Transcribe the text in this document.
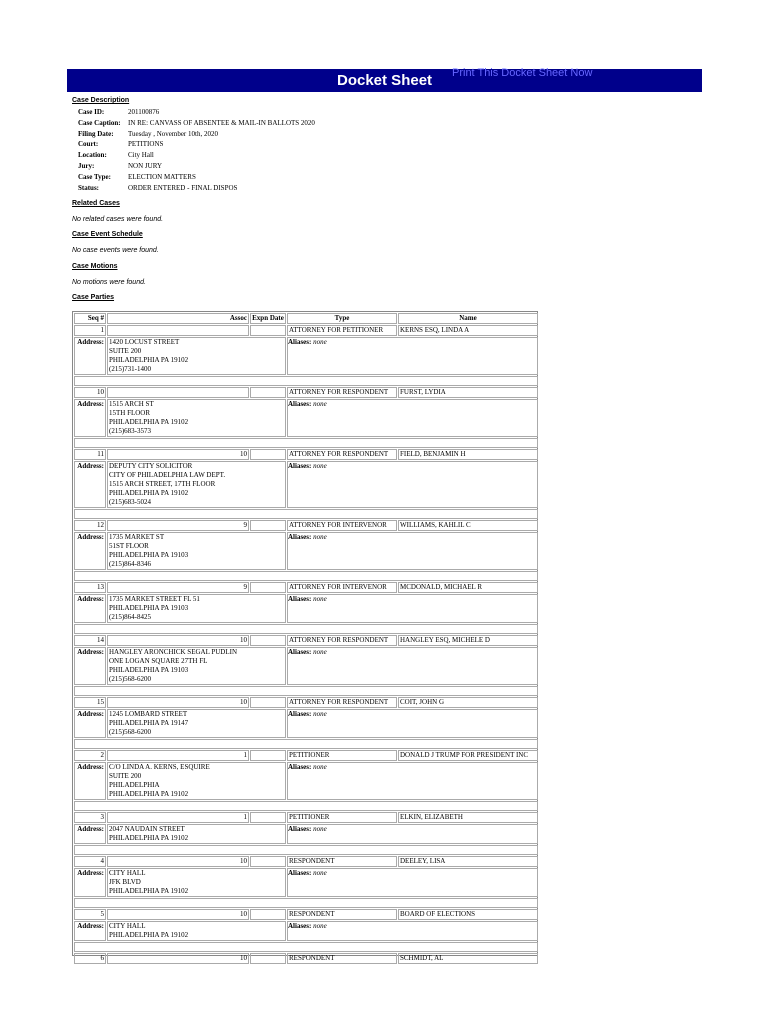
Docket Sheet Print This Docket Sheet Now
Case Description
Case ID:	201100876
Case Caption: IN RE: CANVASS OF ABSENTEE & MAIL-IN BALLOTS 2020
Filing Date: Tuesday , November 10th, 2020
Court:	PETITIONS
Location:	City Hall
Jury:	NON JURY
Case Type: ELECTION MATTERS
Status:	ORDER ENTERED - FINAL DISPOS
Related Cases
No related cases were found.
Case Event Schedule
No case events were found.
Case Motions
No motions were found.
Case Parties
Seq #	Assoc	Expn Date	Type	Name
1			ATTORNEY FOR PETITIONER	KERNS ESQ, LINDA A
Address:	1420 LOCUST STREET
SUITE 200
PHILADELPHIA PA 19102
(215)731-1400		Aliases: none	

10			ATTORNEY FOR RESPONDENT	FURST, LYDIA
Address:	1515 ARCH ST
15TH FLOOR
PHILADELPHIA PA 19102
(215)683-3573		Aliases: none	

11	10		ATTORNEY FOR RESPONDENT	FIELD, BENJAMIN H
Address:	DEPUTY CITY SOLICITOR
CITY OF PHILADELPHIA LAW DEPT.
1515 ARCH STREET, 17TH FLOOR
PHILADELPHIA PA 19102
(215)683-5024		Aliases: none	

12	9		ATTORNEY FOR INTERVENOR	WILLIAMS, KAHLIL C
Address:	1735 MARKET ST
51ST FLOOR
PHILADELPHIA PA 19103
(215)864-8346		Aliases: none	

13	9		ATTORNEY FOR INTERVENOR	MCDONALD, MICHAEL R
Address:	1735 MARKET STREET FL 51
PHILADELPHIA PA 19103
(215)864-8425		Aliases: none	

14	10		ATTORNEY FOR RESPONDENT	HANGLEY ESQ, MICHELE D
Address:	HANGLEY ARONCHICK SEGAL PUDLIN
ONE LOGAN SQUARE 27TH FL
PHILADELPHIA PA 19103
(215)568-6200		Aliases: none	

15	10		ATTORNEY FOR RESPONDENT	COIT, JOHN G
Address:	1245 LOMBARD STREET
PHILADELPHIA PA 19147
(215)568-6200		Aliases: none	

2	1		PETITIONER	DONALD J TRUMP FOR PRESIDENT INC
Address:	C/O LINDA A. KERNS, ESQUIRE
SUITE 200
PHILADELPHIA
PHILADELPHIA PA 19102		Aliases: none	

3	1		PETITIONER	ELKIN, ELIZABETH
Address:	2047 NAUDAIN STREET
PHILADELPHIA PA 19102		Aliases: none	

4	10		RESPONDENT	DEELEY, LISA
Address:	CITY HALL
JFK BLVD
PHILADELPHIA PA 19102		Aliases: none	

5	10		RESPONDENT	BOARD OF ELECTIONS
Address:	CITY HALL
PHILADELPHIA PA 19102		Aliases: none	

6	10		RESPONDENT	SCHMIDT, AL
